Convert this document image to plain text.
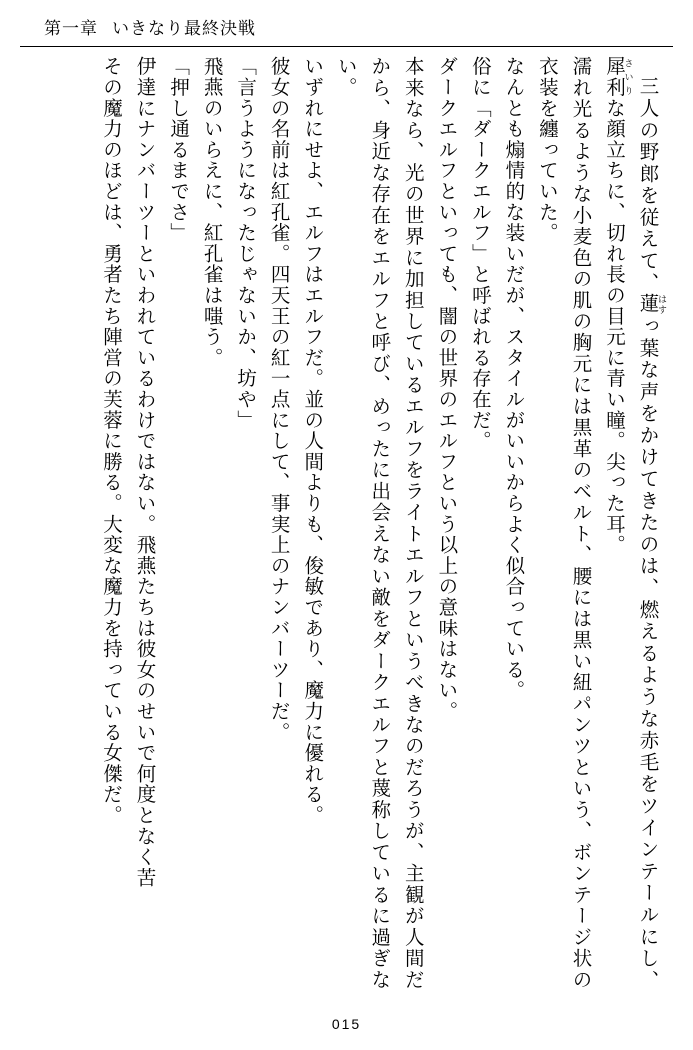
第一章 いきなり最終決戦

三人の野郎を従えて、蓮 はすっ葉な声をかけてきたのは、燃えるような赤毛をツインテールにし、犀利 さいりな顔立ちに、切れ長の目元に青い瞳。尖った耳。

濡れ光るような小麦色の肌の胸元には黒革のベルト、腰には黒い紐パンツという、ボンテージ状の衣装を纏っていた。

なんとも煽情的な装いだが、スタイルがいいからよく似合っている。

俗に「ダークエルフ」と呼ばれる存在だ。

ダークエルフといっても、闇の世界のエルフという以上の意味はない。

本来なら、光の世界に加担しているエルフをライトエルフというべきなのだろうが、主観が人間だから、身近な存在をエルフと呼び、めったに出会えない敵をダークエルフと蔑称しているに過ぎない。

いずれにせよ、エルフはエルフだ。並の人間よりも、俊敏であり、魔力に優れる。

彼女の名前は紅孔雀。四天王の紅一点にして、事実上のナンバーツーだ。

「言うようになったじゃないか、坊や」

飛燕のいらえに、紅孔雀は嗤う。

「押し通るまでさ」

伊達にナンバーツーといわれているわけではない。飛燕たちは彼女のせいで何度となく苦

その魔力のほどは、勇者たち陣営の芙蓉に勝る。大変な魔力を持っている女傑だ。

015
